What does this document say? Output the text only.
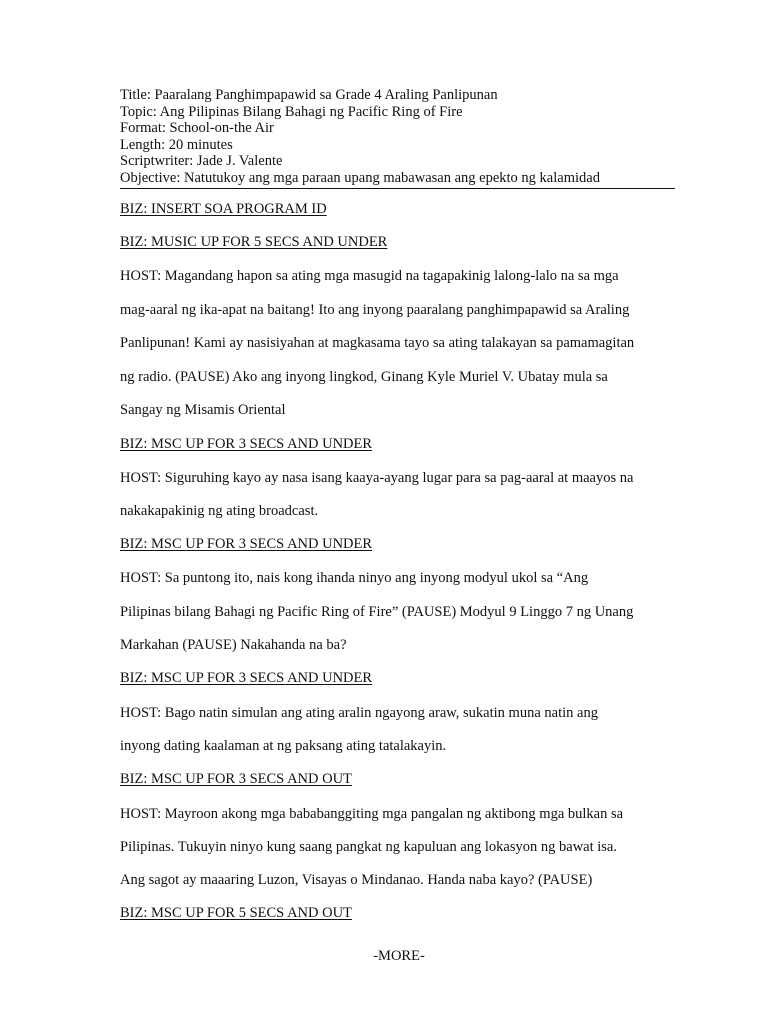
Title: Paaralang Panghimpapawid sa Grade 4 Araling Panlipunan
Topic: Ang Pilipinas Bilang Bahagi ng Pacific Ring of Fire
Format: School-on-the Air
Length: 20 minutes
Scriptwriter: Jade J. Valente
Objective: Natutukoy ang mga paraan upang mabawasan ang epekto ng kalamidad
BIZ: INSERT SOA PROGRAM ID
BIZ: MUSIC UP FOR 5 SECS AND UNDER
HOST: Magandang hapon sa ating mga masugid na tagapakinig lalong-lalo na sa mga
mag-aaral ng ika-apat na baitang! Ito ang inyong paaralang panghimpapawid sa Araling
Panlipunan! Kami ay nasisiyahan at magkasama tayo sa ating talakayan sa pamamagitan
ng radio. (PAUSE) Ako ang inyong lingkod, Ginang Kyle Muriel V. Ubatay mula sa
Sangay ng Misamis Oriental
BIZ: MSC UP FOR 3 SECS AND UNDER
HOST: Siguruhing kayo ay nasa isang kaaya-ayang lugar para sa pag-aaral at maayos na
nakakapakinig ng ating broadcast.
BIZ: MSC UP FOR 3 SECS AND UNDER
HOST: Sa puntong ito, nais kong ihanda ninyo ang inyong modyul ukol sa “Ang
Pilipinas bilang Bahagi ng Pacific Ring of Fire” (PAUSE) Modyul 9 Linggo 7 ng Unang
Markahan (PAUSE) Nakahanda na ba?
BIZ: MSC UP FOR 3 SECS AND UNDER
HOST: Bago natin simulan ang ating aralin ngayong araw, sukatin muna natin ang
inyong dating kaalaman at ng paksang ating tatalakayin.
BIZ: MSC UP FOR 3 SECS AND OUT
HOST: Mayroon akong mga bababanggiting mga pangalan ng aktibong mga bulkan sa
Pilipinas. Tukuyin ninyo kung saang pangkat ng kapuluan ang lokasyon ng bawat isa.
Ang sagot ay maaaring Luzon, Visayas o Mindanao. Handa naba kayo? (PAUSE)
BIZ: MSC UP FOR 5 SECS AND OUT
-MORE-
